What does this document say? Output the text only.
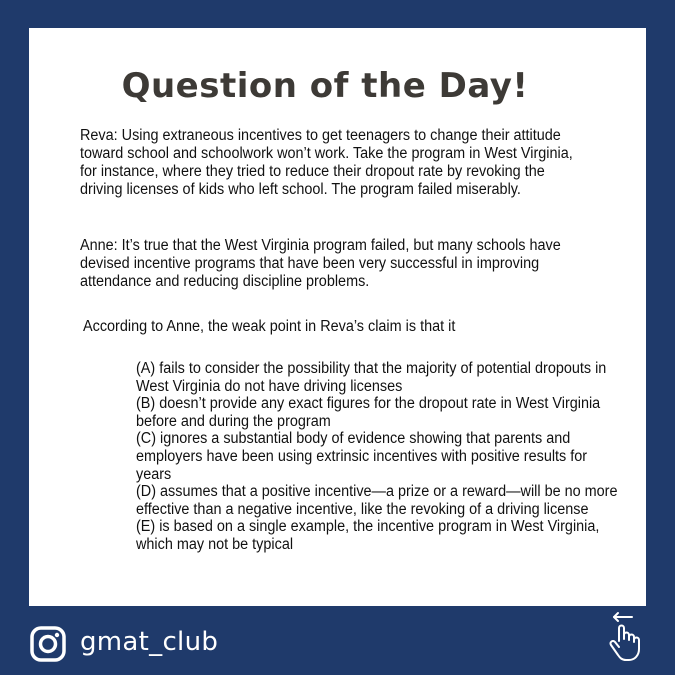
Question of the Day!

Reva: Using extraneous incentives to get teenagers to change their attitude toward school and schoolwork won’t work. Take the program in West Virginia, for instance, where they tried to reduce their dropout rate by revoking the driving licenses of kids who left school. The program failed miserably.

Anne: It’s true that the West Virginia program failed, but many schools have devised incentive programs that have been very successful in improving attendance and reducing discipline problems.

According to Anne, the weak point in Reva’s claim is that it

(A) fails to consider the possibility that the majority of potential dropouts in West Virginia do not have driving licenses
(B) doesn’t provide any exact figures for the dropout rate in West Virginia before and during the program
(C) ignores a substantial body of evidence showing that parents and employers have been using extrinsic incentives with positive results for years
(D) assumes that a positive incentive—a prize or a reward—will be no more effective than a negative incentive, like the revoking of a driving license
(E) is based on a single example, the incentive program in West Virginia, which may not be typical
gmat_club
